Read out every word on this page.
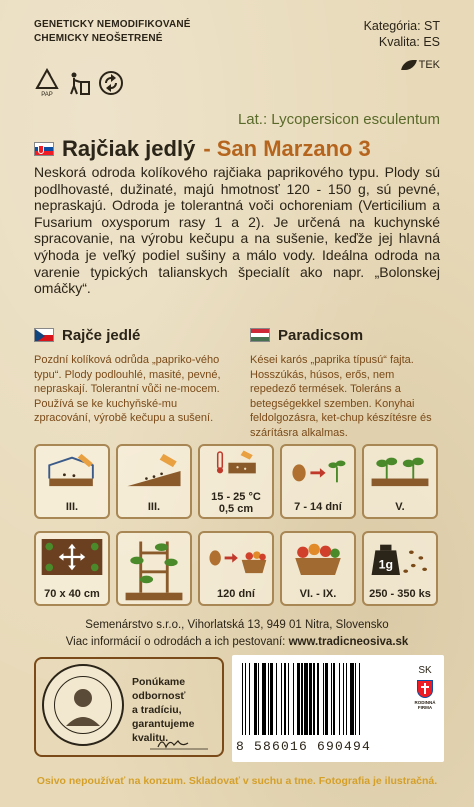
GENETICKY NEMODIFIKOVANÉ
CHEMICKY NEOŠETRENÉ
Kategória: ST
Kvalita: ES
TEK
PAP
Lat.: Lycopersicon esculentum
Rajčiak jedlý - San Marzano 3
Neskorá odroda kolíkového rajčiaka paprikového typu. Plody sú podlhovasté, dužinaté, majú hmotnosť 120 - 150 g, sú pevné, nepraskajú. Odroda je tolerantná voči ochoreniam (Verticilium a Fusarium oxysporum rasy 1 a 2). Je určená na kuchynské spracovanie, na výrobu kečupu a na sušenie, keďže jej hlavná výhoda je veľký podiel sušiny a málo vody. Ideálna odroda na varenie typických talianskych špecialít ako napr. „Bolonskej omáčky“.
Rajče jedlé
Pozdní kolíková odrůda „papriko-vého typu“. Plody podlouhlé, masité, pevné, nepraskají. Tolerantní vůči ne-mocem. Používá se ke kuchyňské-mu zpracování, výrobě kečupu a sušení.
Paradicsom
Kései karós „paprika típusú“ fajta. Hosszúkás, húsos, erős, nem repedező termések. Toleráns a betegségekkel szemben. Konyhai feldolgozásra, ket-chup készítésre és szárításra alkalmas.
III.	III.
15 - 25 °C
0,5 cm	7 - 14 dní	V.
70 x 40 cm	120 dní	VI. - IX.
1g
250 - 350 ks
Semenárstvo s.r.o., Vihorlatská 13, 949 01 Nitra, Slovensko
Viac informácií o odrodách a ich pestovaní: www.tradicneosiva.sk
Ponúkame
odbornosť
a tradíciu,
garantujeme
kvalitu.
8 586016 690494
SK
RODINNÁ
FIRMA
Osivo nepoužívať na konzum. Skladovať v suchu a tme. Fotografia je ilustračná.
